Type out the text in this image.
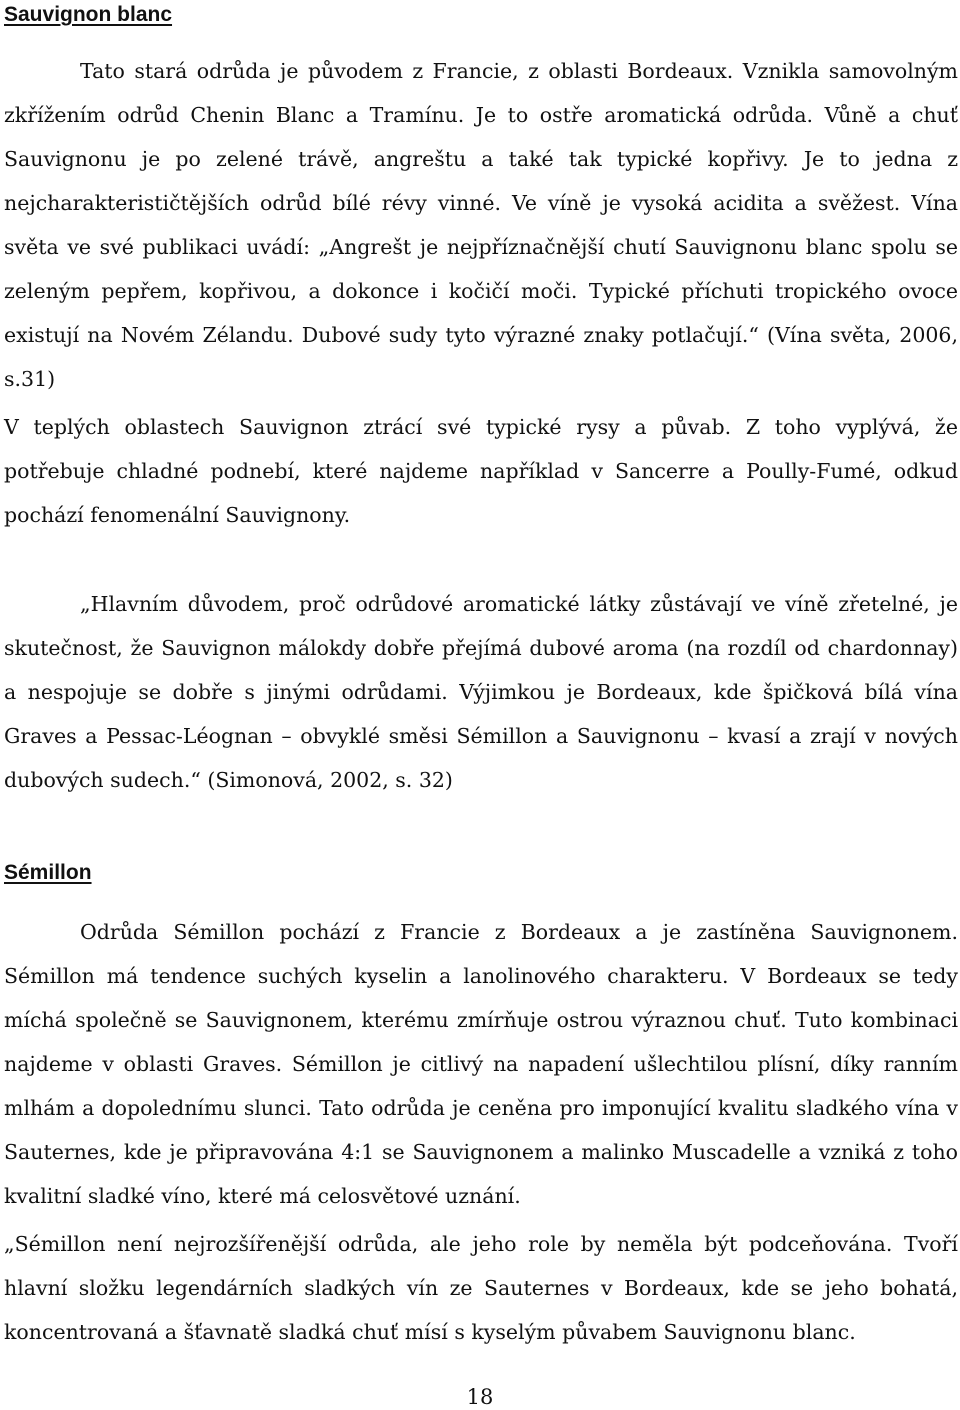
Sauvignon blanc

Tato stará odrůda je původem z Francie, z oblasti Bordeaux. Vznikla samovolným zkřížením odrůd Chenin Blanc a Tramínu. Je to ostře aromatická odrůda. Vůně a chuť Sauvignonu je po zelené trávě, angreštu a také tak typické kopřivy. Je to jedna z nejcharakterističtějších odrůd bílé révy vinné. Ve víně je vysoká acidita a svěžest. Vína světa ve své publikaci uvádí: „Angrešt je nejpříznačnější chutí Sauvignonu blanc spolu se zeleným pepřem, kopřivou, a dokonce i kočičí moči. Typické příchuti tropického ovoce existují na Novém Zélandu. Dubové sudy tyto výrazné znaky potlačují.“ (Vína světa, 2006, s.31)

V teplých oblastech Sauvignon ztrácí své typické rysy a půvab. Z toho vyplývá, že potřebuje chladné podnebí, které najdeme například v Sancerre a Poully-Fumé, odkud pochází fenomenální Sauvignony.

„Hlavním důvodem, proč odrůdové aromatické látky zůstávají ve víně zřetelné, je skutečnost, že Sauvignon málokdy dobře přejímá dubové aroma (na rozdíl od chardonnay) a nespojuje se dobře s jinými odrůdami. Výjimkou je Bordeaux, kde špičková bílá vína Graves a Pessac-Léognan – obvyklé směsi Sémillon a Sauvignonu – kvasí a zrají v nových dubových sudech.“ (Simonová, 2002, s. 32)

Sémillon

Odrůda Sémillon pochází z Francie z Bordeaux a je zastíněna Sauvignonem. Sémillon má tendence suchých kyselin a lanolinového charakteru. V Bordeaux se tedy míchá společně se Sauvignonem, kterému zmírňuje ostrou výraznou chuť. Tuto kombinaci najdeme v oblasti Graves. Sémillon je citlivý na napadení ušlechtilou plísní, díky ranním mlhám a dopolednímu slunci. Tato odrůda je ceněna pro imponující kvalitu sladkého vína v Sauternes, kde je připravována 4:1 se Sauvignonem a malinko Muscadelle a vzniká z toho kvalitní sladké víno, které má celosvětové uznání.

„Sémillon není nejrozšířenější odrůda, ale jeho role by neměla být podceňována. Tvoří hlavní složku legendárních sladkých vín ze Sauternes v Bordeaux, kde se jeho bohatá, koncentrovaná a šťavnatě sladká chuť mísí s kyselým půvabem Sauvignonu blanc.

18
